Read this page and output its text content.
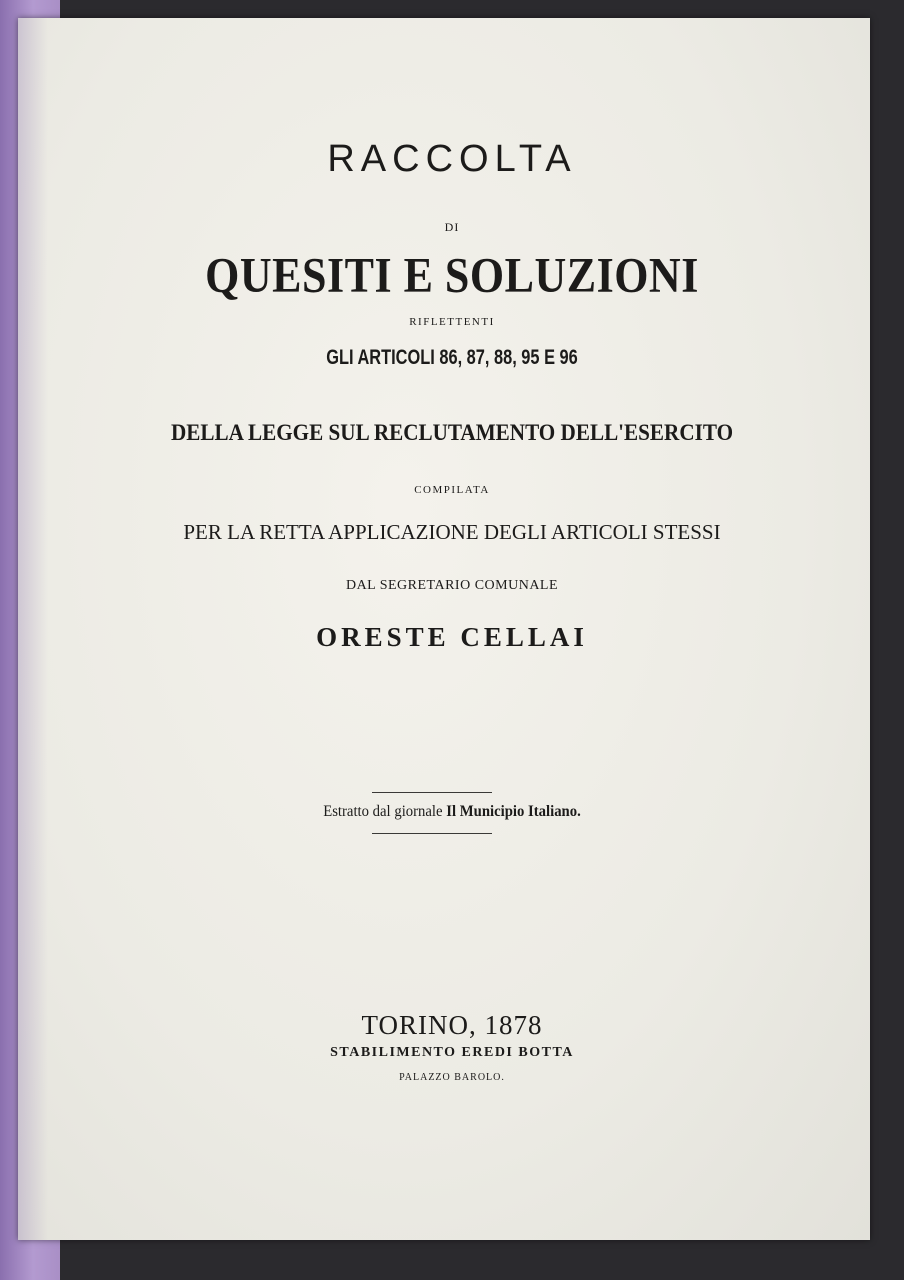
RACCOLTA
DI
QUESITI E SOLUZIONI
RIFLETTENTI
GLI ARTICOLI 86, 87, 88, 95 E 96
DELLA LEGGE SUL RECLUTAMENTO DELL'ESERCITO
COMPILATA
PER LA RETTA APPLICAZIONE DEGLI ARTICOLI STESSI
DAL SEGRETARIO COMUNALE
ORESTE CELLAI
Estratto dal giornale Il Municipio Italiano.
TORINO, 1878
STABILIMENTO EREDI BOTTA
PALAZZO BAROLO.
